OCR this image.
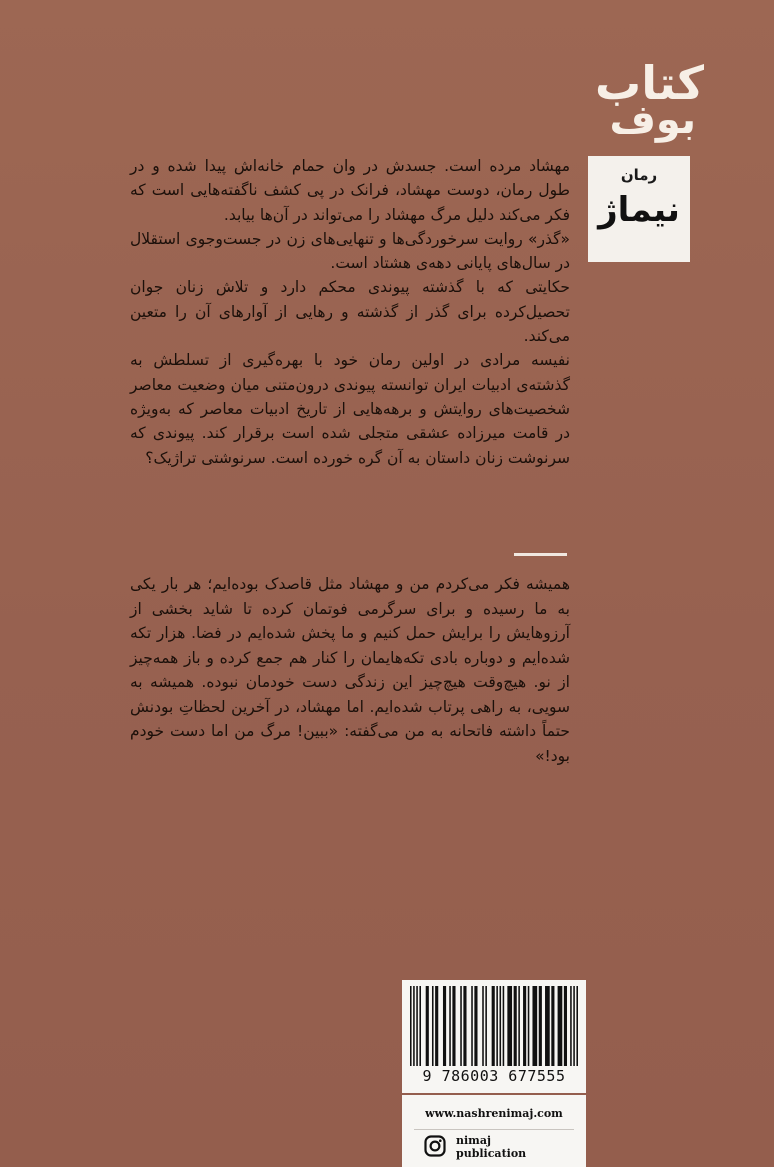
کتاب
بوف
رمان
نیماژ

مهشاد مرده است. جسدش در وان حمام خانه‌اش پیدا شده و در طول رمان، دوست مهشاد، فرانک در پی کشف ناگفته‌هایی است که فکر می‌کند دلیل مرگ مهشاد را می‌تواند در آن‌ها بیابد.

«گذر» روایت سرخوردگی‌ها و تنهایی‌های زن در جست‌وجوی استقلال در سال‌های پایانی دهه‌ی هشتاد است.

حکایتی که با گذشته پیوندی محکم دارد و تلاش زنان جوان تحصیل‌کرده برای گذر از گذشته و رهایی از آوارهای آن را متعین می‌کند.

نفیسه مرادی در اولین رمان خود با بهره‌گیری از تسلطش به گذشته‌ی ادبیات ایران توانسته پیوندی درون‌متنی میان وضعیت معاصر شخصیت‌های روایتش و برهه‌هایی از تاریخ ادبیات معاصر که به‌ویژه در قامت میرزاده عشقی متجلی شده است برقرار کند. پیوندی که سرنوشت زنان داستان به آن گره خورده است. سرنوشتی تراژیک؟

همیشه فکر می‌کردم من و مهشاد مثل قاصدک بوده‌ایم؛ هر بار یکی به ما رسیده و برای سرگرمی فوتمان کرده تا شاید بخشی از آرزوهایش را برایش حمل کنیم و ما پخش شده‌ایم در فضا. هزار تکه شده‌ایم و دوباره بادی تکه‌هایمان را کنار هم جمع کرده و باز همه‌چیز از نو. هیچ‌وقت هیچ‌چیز این زندگی دست خودمان نبوده. همیشه به سویی، به راهی پرتاب شده‌ایم. اما مهشاد، در آخرین لحظاتِ بودنش حتماً داشته فاتحانه به من می‌گفته: «ببین! مرگ من اما دست خودم بود!»

9 786003 677555
www.nashrenimaj.com
nimaj
publication
